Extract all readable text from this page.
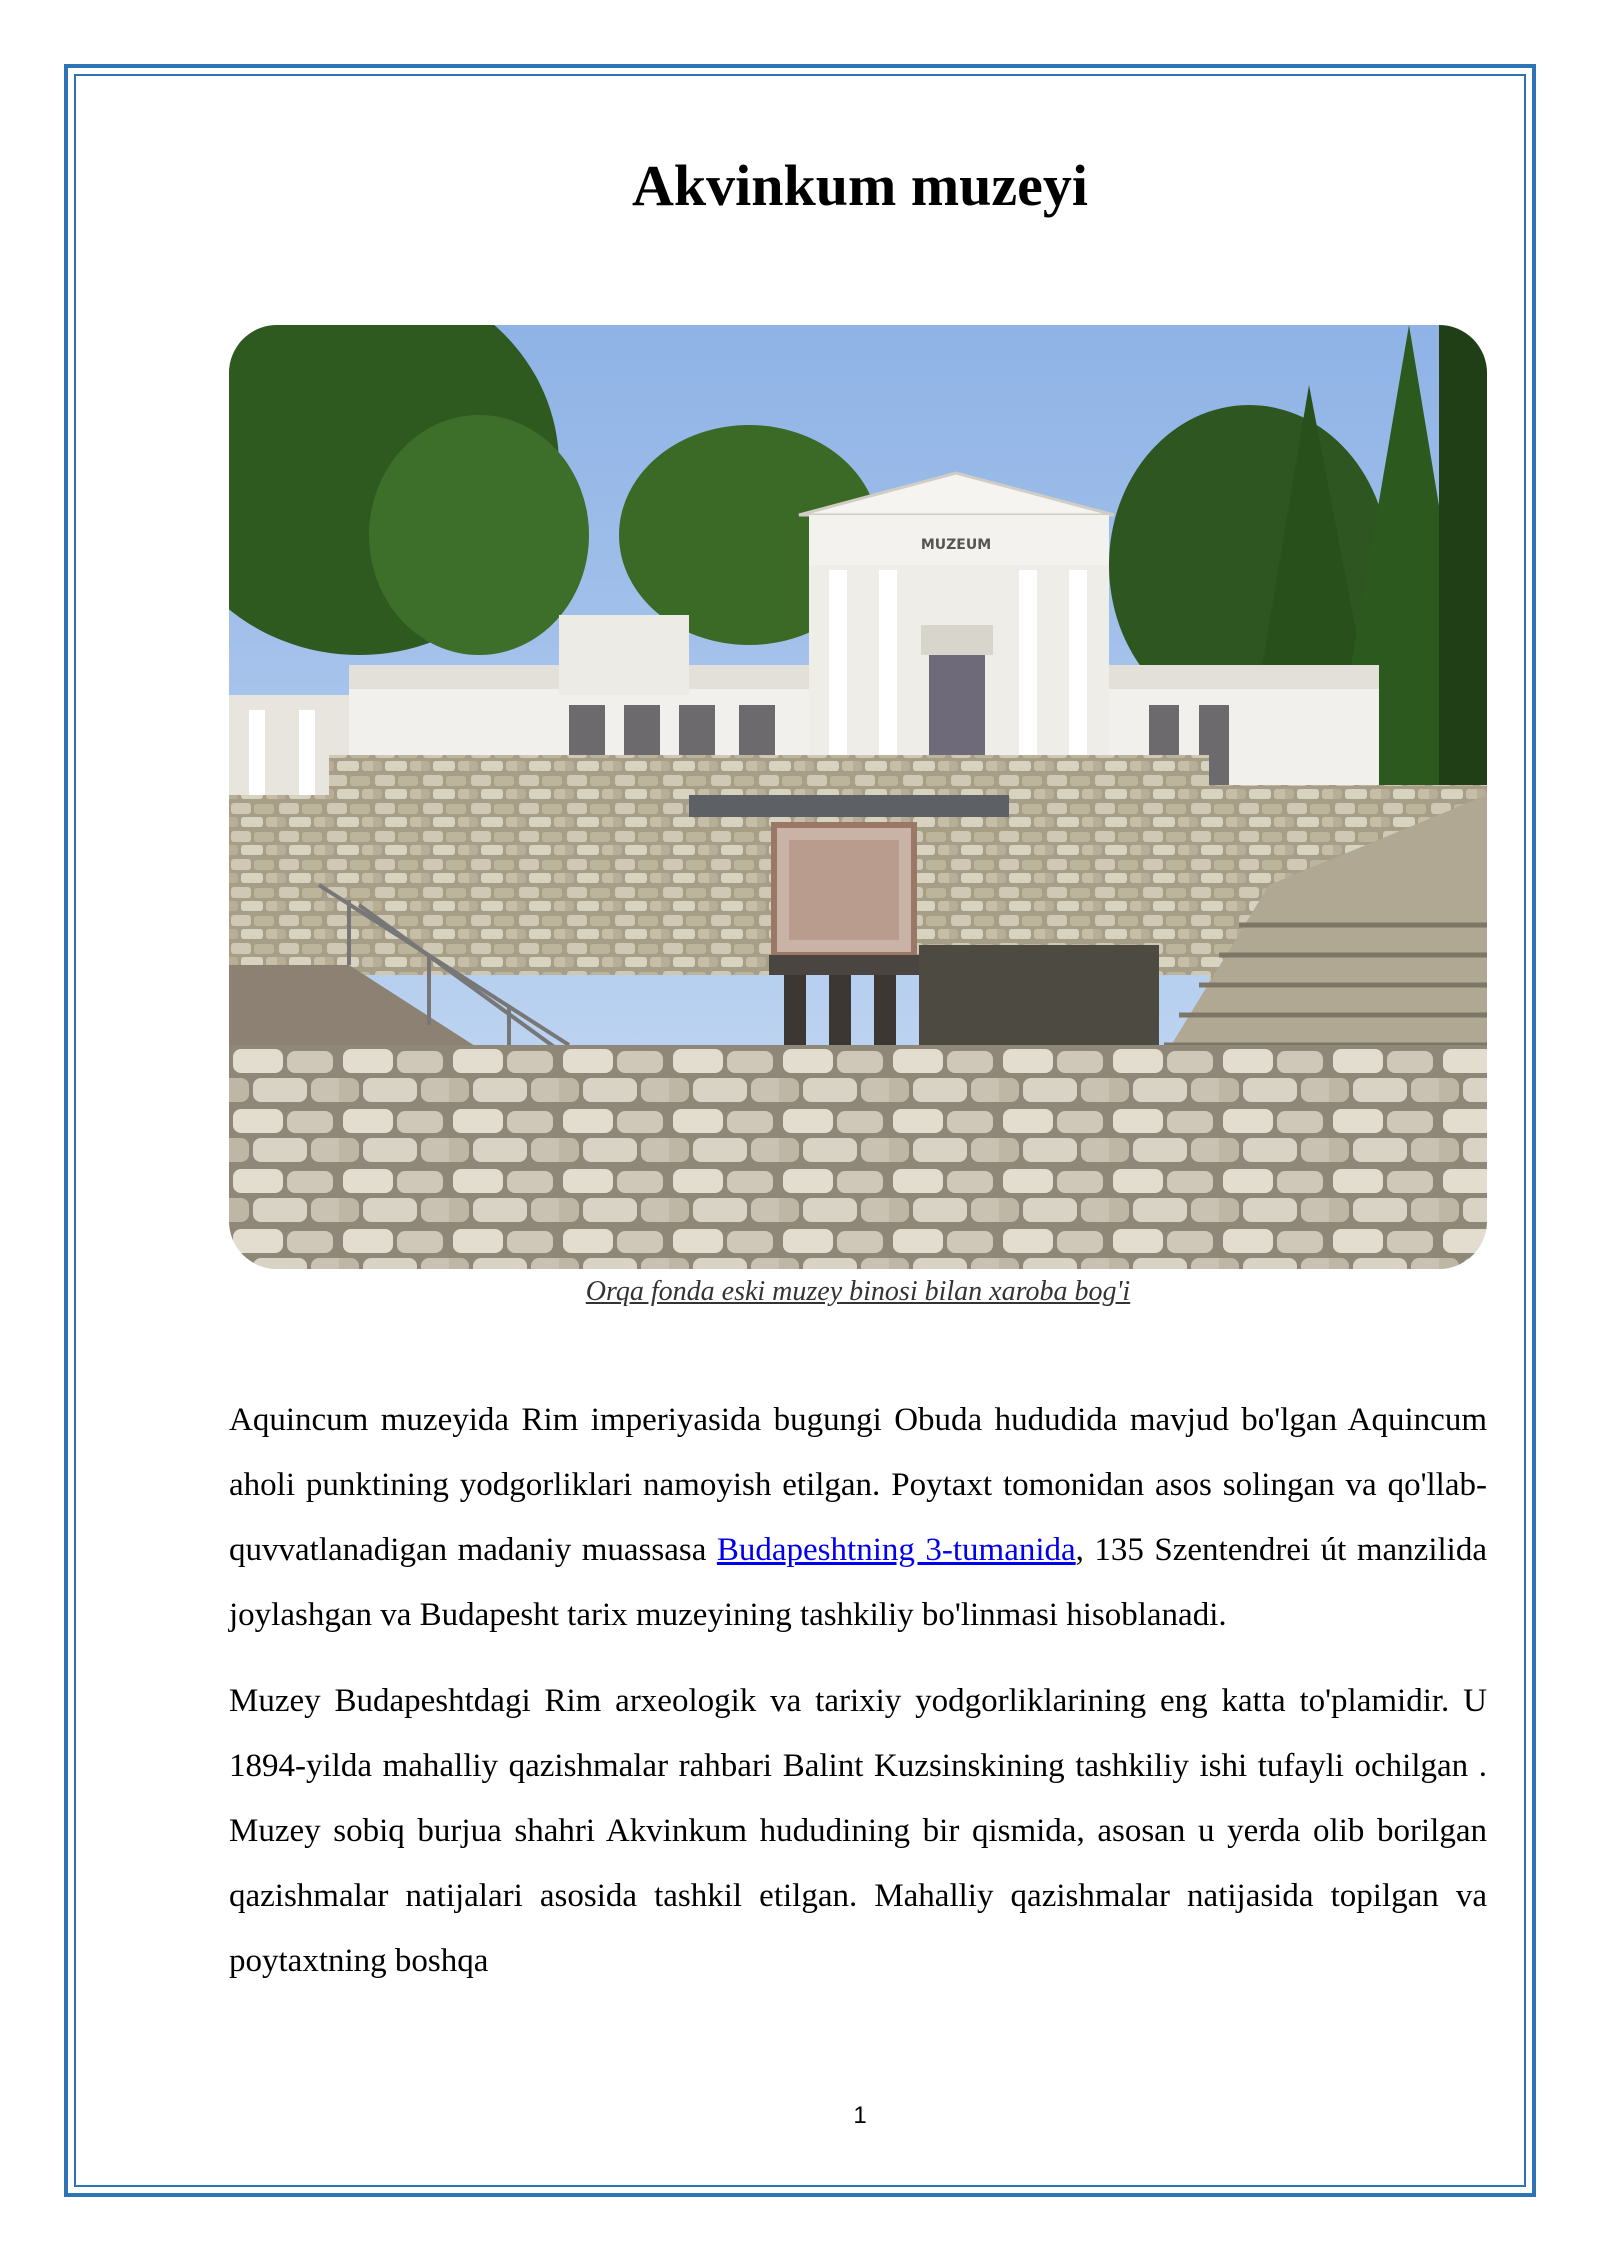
Akvinkum muzeyi
MUZEUM
Orqa fonda eski muzey binosi bilan xaroba bog'i

Aquincum muzeyida Rim imperiyasida bugungi Obuda hududida mavjud bo'lgan Aquincum aholi punktining yodgorliklari namoyish etilgan. Poytaxt tomonidan asos solingan va qo'llab-quvvatlanadigan madaniy muassasa Budapeshtning 3-tumanida, 135 Szentendrei út manzilida joylashgan va Budapesht tarix muzeyining tashkiliy bo'linmasi hisoblanadi.

Muzey Budapeshtdagi Rim arxeologik va tarixiy yodgorliklarining eng katta to'plamidir. U 1894-yilda mahalliy qazishmalar rahbari Balint Kuzsinskining tashkiliy ishi tufayli ochilgan . Muzey sobiq burjua shahri Akvinkum hududining bir qismida, asosan u yerda olib borilgan qazishmalar natijalari asosida tashkil etilgan. Mahalliy qazishmalar natijasida topilgan va poytaxtning boshqa

1
